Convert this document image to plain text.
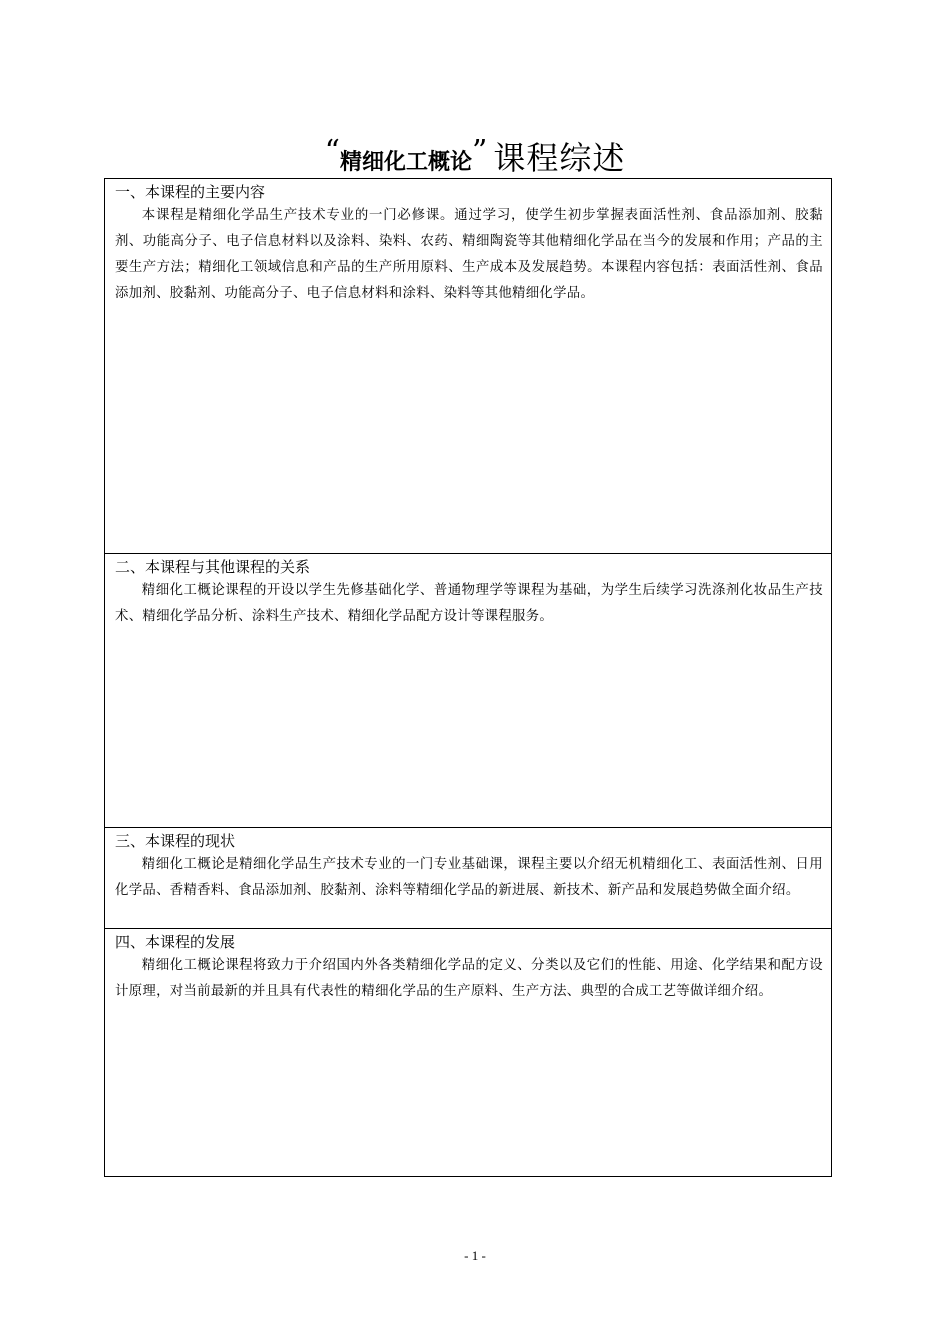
“精细化工概论” 课程综述
一、本课程的主要内容

本课程是精细化学品生产技术专业的一门必修课。通过学习，使学生初步掌握表面活性剂、食品添加剂、胶黏剂、功能高分子、电子信息材料以及涂料、染料、农药、精细陶瓷等其他精细化学品在当今的发展和作用；产品的主要生产方法；精细化工领域信息和产品的生产所用原料、生产成本及发展趋势。本课程内容包括：表面活性剂、食品添加剂、胶黏剂、功能高分子、电子信息材料和涂料、染料等其他精细化学品。

二、本课程与其他课程的关系

精细化工概论课程的开设以学生先修基础化学、普通物理学等课程为基础，为学生后续学习洗涤剂化妆品生产技术、精细化学品分析、涂料生产技术、精细化学品配方设计等课程服务。

三、本课程的现状

精细化工概论是精细化学品生产技术专业的一门专业基础课，课程主要以介绍无机精细化工、表面活性剂、日用化学品、香精香料、食品添加剂、胶黏剂、涂料等精细化学品的新进展、新技术、新产品和发展趋势做全面介绍。

四、本课程的发展

精细化工概论课程将致力于介绍国内外各类精细化学品的定义、分类以及它们的性能、用途、化学结果和配方设计原理，对当前最新的并且具有代表性的精细化学品的生产原料、生产方法、典型的合成工艺等做详细介绍。

- 1 -
